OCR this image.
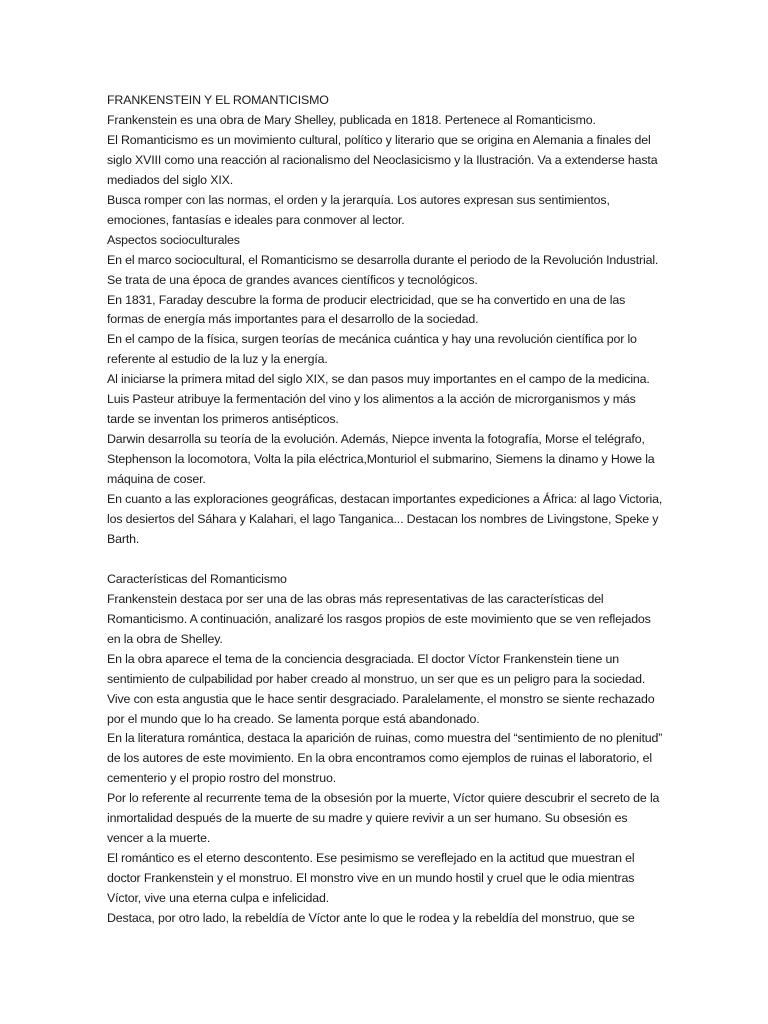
FRANKENSTEIN Y EL ROMANTICISMO

Frankenstein es una obra de Mary Shelley, publicada en 1818. Pertenece al Romanticismo.

El Romanticismo es un movimiento cultural, político y literario que se origina en Alemania a finales del siglo XVIII como una reacción al racionalismo del Neoclasicismo y la Ilustración. Va a extenderse hasta mediados del siglo XIX.

Busca romper con las normas, el orden y la jerarquía. Los autores expresan sus sentimientos, emociones, fantasías e ideales para conmover al lector.

Aspectos socioculturales

En el marco sociocultural, el Romanticismo se desarrolla durante el periodo de la Revolución Industrial. Se trata de una época de grandes avances científicos y tecnológicos.

En 1831, Faraday descubre la forma de producir electricidad, que se ha convertido en una de las formas de energía más importantes para el desarrollo de la sociedad.

En el campo de la física, surgen teorías de mecánica cuántica y hay una revolución científica por lo referente al estudio de la luz y la energía.

Al iniciarse la primera mitad del siglo XIX, se dan pasos muy importantes en el campo de la medicina. Luis Pasteur atribuye la fermentación del vino y los alimentos a la acción de microrganismos y más tarde se inventan los primeros antisépticos.

Darwin desarrolla su teoría de la evolución. Además, Niepce inventa la fotografía, Morse el telégrafo, Stephenson la locomotora, Volta la pila eléctrica,Monturiol el submarino, Siemens la dinamo y Howe la máquina de coser.

En cuanto a las exploraciones geográficas, destacan importantes expediciones a África: al lago Victoria, los desiertos del Sáhara y Kalahari, el lago Tanganica... Destacan los nombres de Livingstone, Speke y Barth.

Características del Romanticismo

Frankenstein destaca por ser una de las obras más representativas de las características del Romanticismo. A continuación, analizaré los rasgos propios de este movimiento que se ven reflejados en la obra de Shelley.

En la obra aparece el tema de la conciencia desgraciada. El doctor Víctor Frankenstein tiene un sentimiento de culpabilidad por haber creado al monstruo, un ser que es un peligro para la sociedad. Vive con esta angustia que le hace sentir desgraciado. Paralelamente, el monstro se siente rechazado por el mundo que lo ha creado. Se lamenta porque está abandonado.

En la literatura romántica, destaca la aparición de ruinas, como muestra del “sentimiento de no plenitud” de los autores de este movimiento. En la obra encontramos como ejemplos de ruinas el laboratorio, el cementerio y el propio rostro del monstruo.

Por lo referente al recurrente tema de la obsesión por la muerte, Víctor quiere descubrir el secreto de la inmortalidad después de la muerte de su madre y quiere revivir a un ser humano. Su obsesión es vencer a la muerte.

El romántico es el eterno descontento. Ese pesimismo se vereflejado en la actitud que muestran el doctor Frankenstein y el monstruo. El monstro vive en un mundo hostil y cruel que le odia mientras Víctor, vive una eterna culpa e infelicidad.

Destaca, por otro lado, la rebeldía de Víctor ante lo que le rodea y la rebeldía del monstruo, que se
